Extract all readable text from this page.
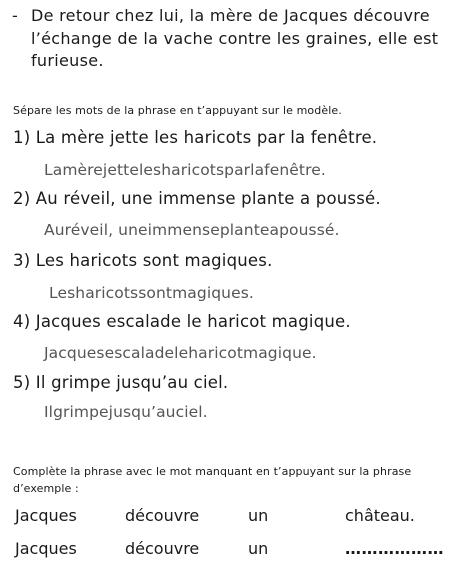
- De retour chez lui, la mère de Jacques découvre
l’échange de la vache contre les graines, elle est
furieuse.
Sépare les mots de la phrase en t’appuyant sur le modèle.
1) La mère jette les haricots par la fenêtre.
Lamèrejettelesharicotsparlafenêtre.
2) Au réveil, une immense plante a poussé.
Auréveil, uneimmenseplanteapoussé.
3) Les haricots sont magiques.
Lesharicotssontmagiques.
4) Jacques escalade le haricot magique.
Jacquesescaladeleharicotmagique.
5) Il grimpe jusqu’au ciel.
Ilgrimpejusqu’auciel.
Complète la phrase avec le mot manquant en t’appuyant sur la phrase
d’exemple :
Jacques	découvre	un	château.
Jacques	découvre	un	………………
